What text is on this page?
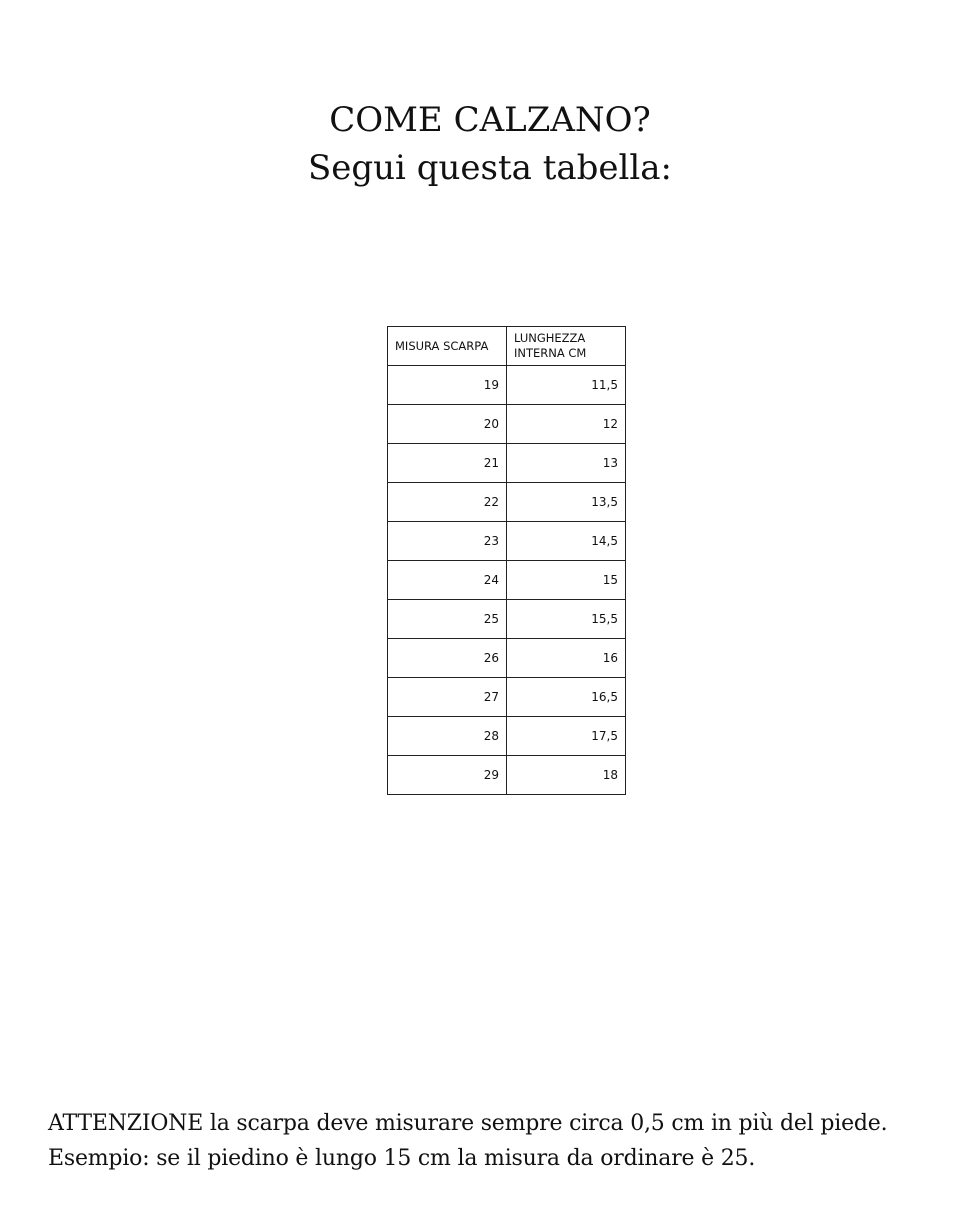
COME CALZANO?
Segui questa tabella:
MISURA SCARPA	LUNGHEZZA INTERNA CM
19	11,5
20	12
21	13
22	13,5
23	14,5
24	15
25	15,5
26	16
27	16,5
28	17,5
29	18
ATTENZIONE la scarpa deve misurare sempre circa 0,5 cm in più del piede.
Esempio: se il piedino è lungo 15 cm la misura da ordinare è 25.
